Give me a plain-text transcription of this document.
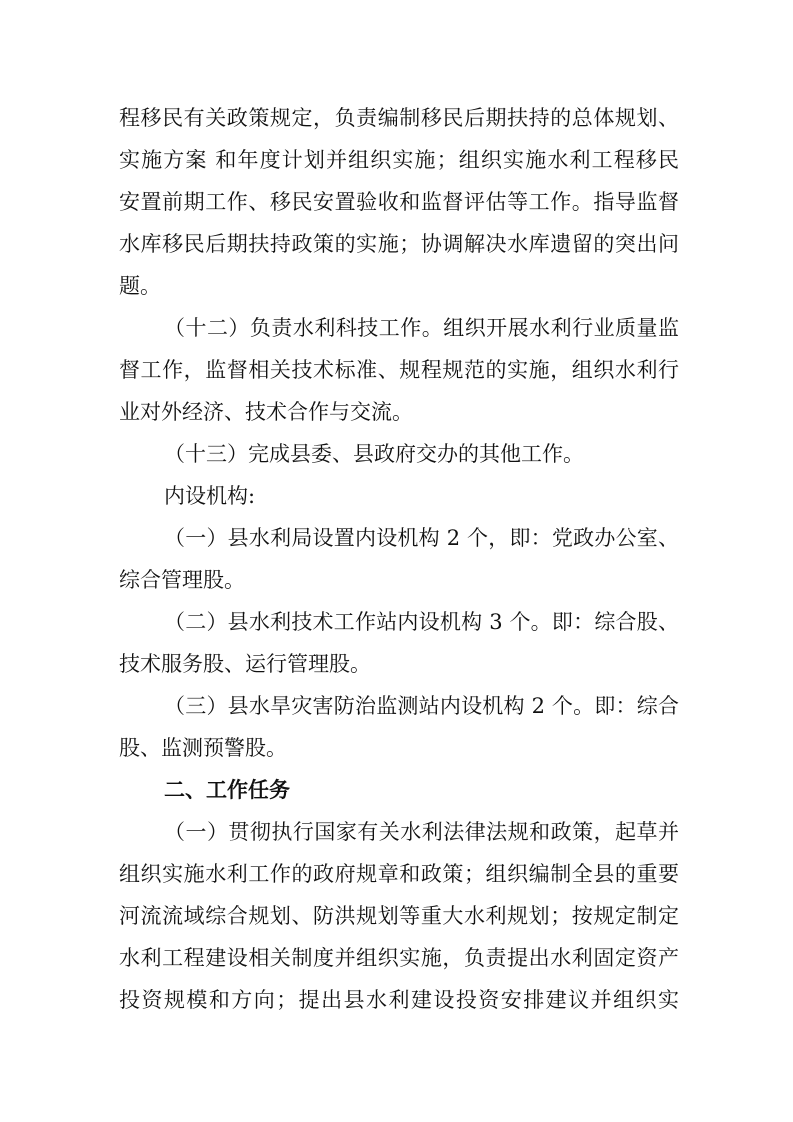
程移民有关政策规定，负责编制移民后期扶持的总体规划、
实施方案 和年度计划并组织实施；组织实施水利工程移民
安置前期工作、移民安置验收和监督评估等工作。指导监督
水库移民后期扶持政策的实施；协调解决水库遗留的突出问
题。
（十二）负责水利科技工作。组织开展水利行业质量监
督工作，监督相关技术标准、规程规范的实施，组织水利行
业对外经济、技术合作与交流。
（十三）完成县委、县政府交办的其他工作。
内设机构:
（一）县水利局设置内设机构 2 个，即：党政办公室、
综合管理股。
（二）县水利技术工作站内设机构 3 个。即：综合股、
技术服务股、运行管理股。
（三）县水旱灾害防治监测站内设机构 2 个。即：综合
股、监测预警股。
二、工作任务
（一）贯彻执行国家有关水利法律法规和政策，起草并
组织实施水利工作的政府规章和政策；组织编制全县的重要
河流流域综合规划、防洪规划等重大水利规划；按规定制定
水利工程建设相关制度并组织实施，负责提出水利固定资产
投资规模和方向；提出县水利建设投资安排建议并组织实
